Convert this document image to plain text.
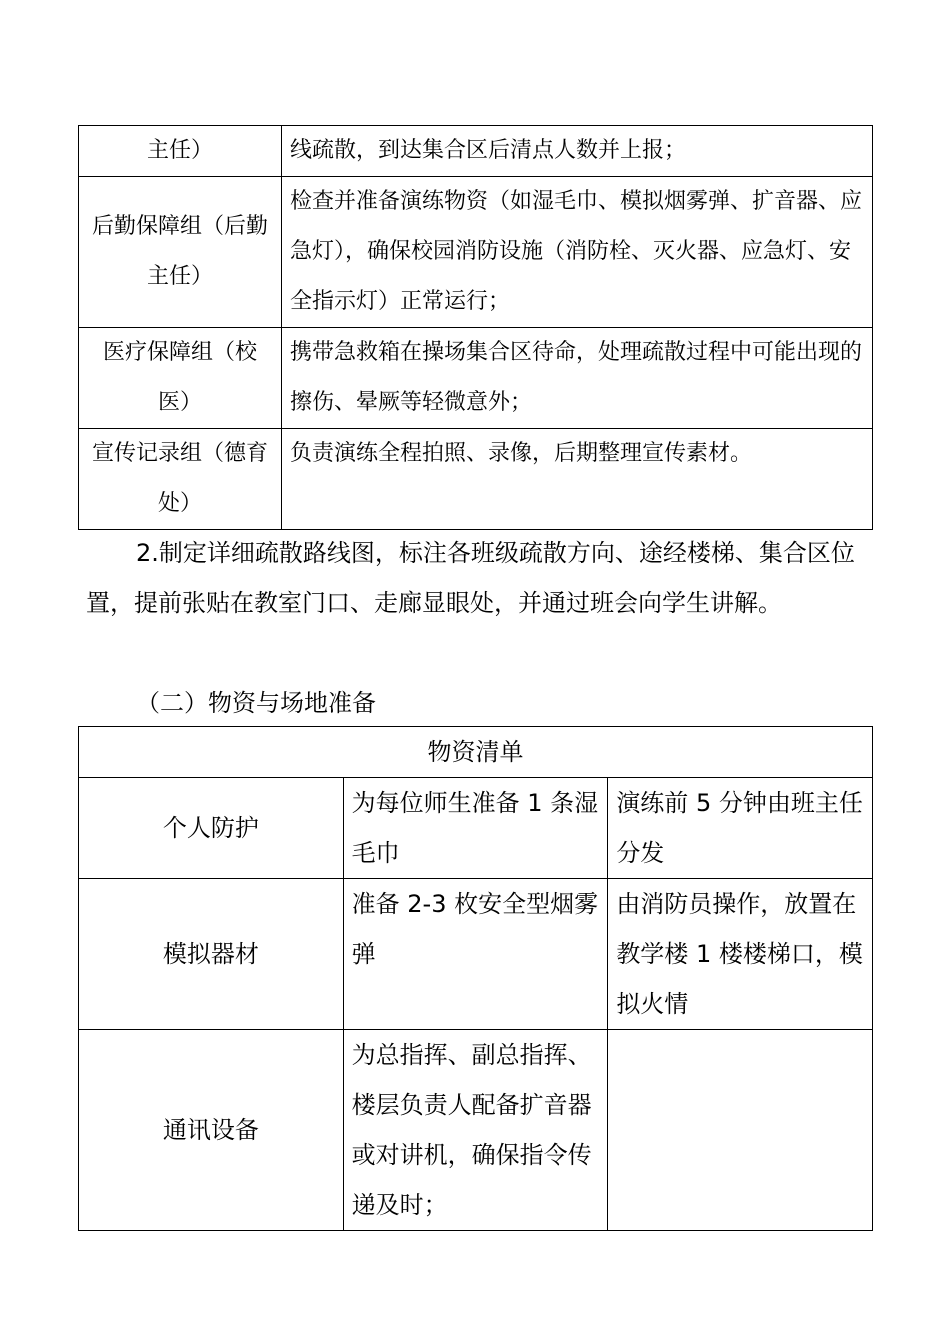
主任）	线疏散，到达集合区后清点人数并上报；
后勤保障组（后勤主任）	检查并准备演练物资（如湿毛巾、模拟烟雾弹、扩音器、应急灯），确保校园消防设施（消防栓、灭火器、应急灯、安全指示灯）正常运行；
医疗保障组（校医）	携带急救箱在操场集合区待命，处理疏散过程中可能出现的擦伤、晕厥等轻微意外；
宣传记录组（德育处）	负责演练全程拍照、录像，后期整理宣传素材。
2.制定详细疏散路线图，标注各班级疏散方向、途经楼梯、集合区位置，提前张贴在教室门口、走廊显眼处，并通过班会向学生讲解。
（二）物资与场地准备
物资清单		
个人防护	为每位师生准备 1 条湿毛巾	演练前 5 分钟由班主任分发
模拟器材	准备 2-3 枚安全型烟雾弹	由消防员操作，放置在教学楼 1 楼楼梯口，模拟火情
通讯设备	为总指挥、副总指挥、楼层负责人配备扩音器或对讲机，确保指令传递及时；	
